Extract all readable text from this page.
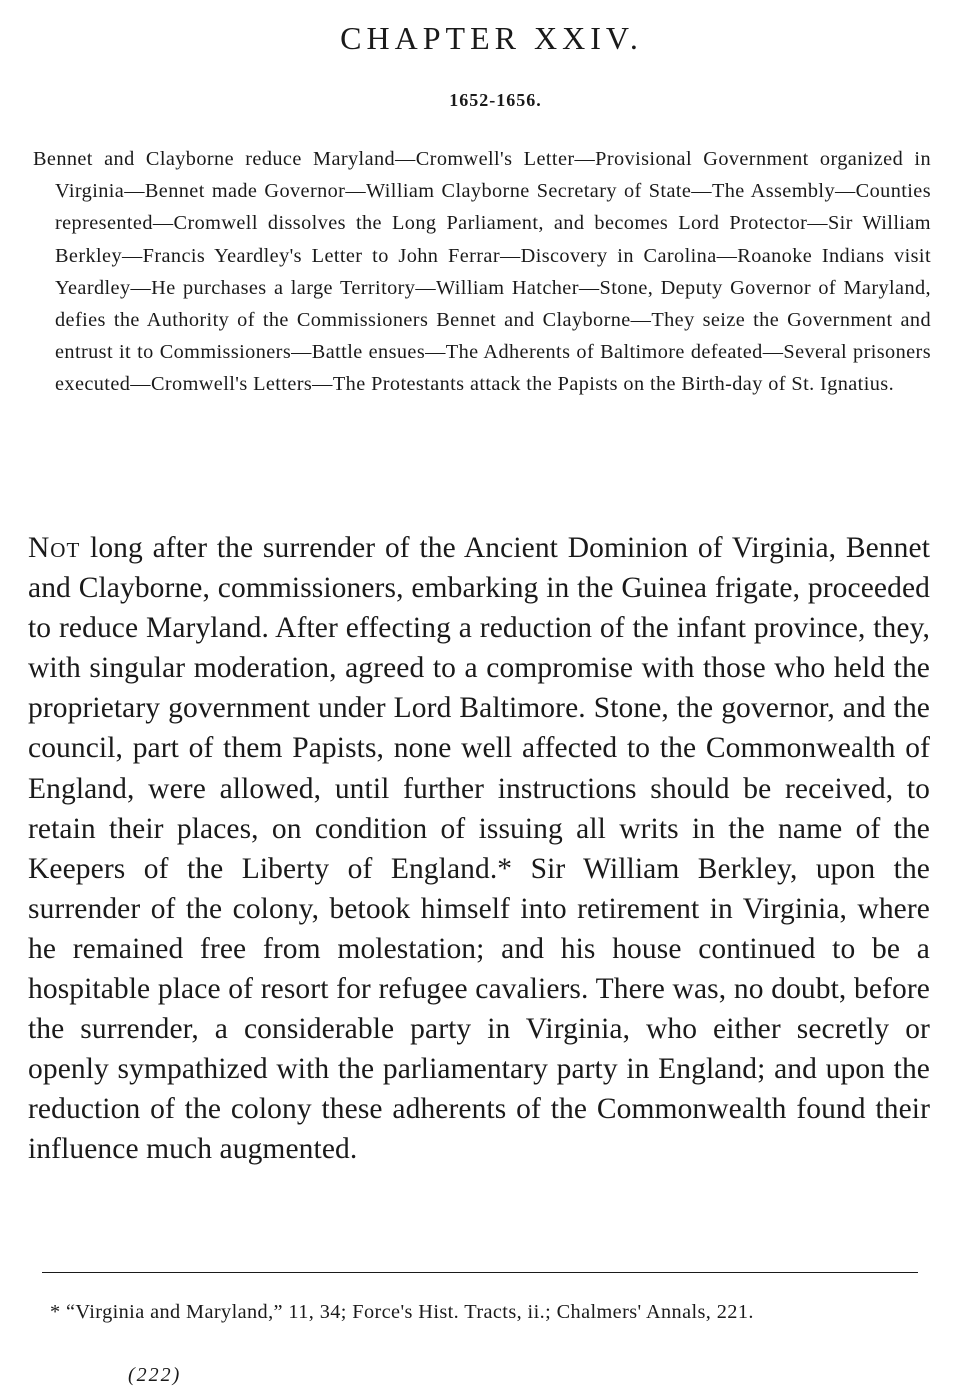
CHAPTER XXIV.
1652-1656.

Bennet and Clayborne reduce Maryland—Cromwell's Letter—Provisional Government organized in Virginia—Bennet made Governor—William Clayborne Secretary of State—The Assembly—Counties represented—Cromwell dissolves the Long Parliament, and becomes Lord Protector—Sir William Berkley—Francis Yeardley's Letter to John Ferrar—Discovery in Carolina—Roanoke Indians visit Yeardley—He purchases a large Territory—William Hatcher—Stone, Deputy Governor of Maryland, defies the Authority of the Commissioners Bennet and Clayborne—They seize the Government and entrust it to Commissioners—Battle ensues—The Adherents of Baltimore defeated—Several prisoners executed—Cromwell's Letters—The Protestants attack the Papists on the Birth-day of St. Ignatius.

Not long after the surrender of the Ancient Dominion of Virginia, Bennet and Clayborne, commissioners, embarking in the Guinea frigate, proceeded to reduce Maryland. After effecting a reduction of the infant province, they, with singular moderation, agreed to a compromise with those who held the proprietary government under Lord Baltimore. Stone, the governor, and the council, part of them Papists, none well affected to the Commonwealth of England, were allowed, until further instructions should be received, to retain their places, on condition of issuing all writs in the name of the Keepers of the Liberty of England.* Sir William Berkley, upon the surrender of the colony, betook himself into retirement in Virginia, where he remained free from molestation; and his house continued to be a hospitable place of resort for refugee cavaliers. There was, no doubt, before the surrender, a considerable party in Virginia, who either secretly or openly sympathized with the parliamentary party in England; and upon the reduction of the colony these adherents of the Commonwealth found their influence much augmented.

* “Virginia and Maryland,” 11, 34; Force's Hist. Tracts, ii.; Chalmers' Annals, 221.

(222)
